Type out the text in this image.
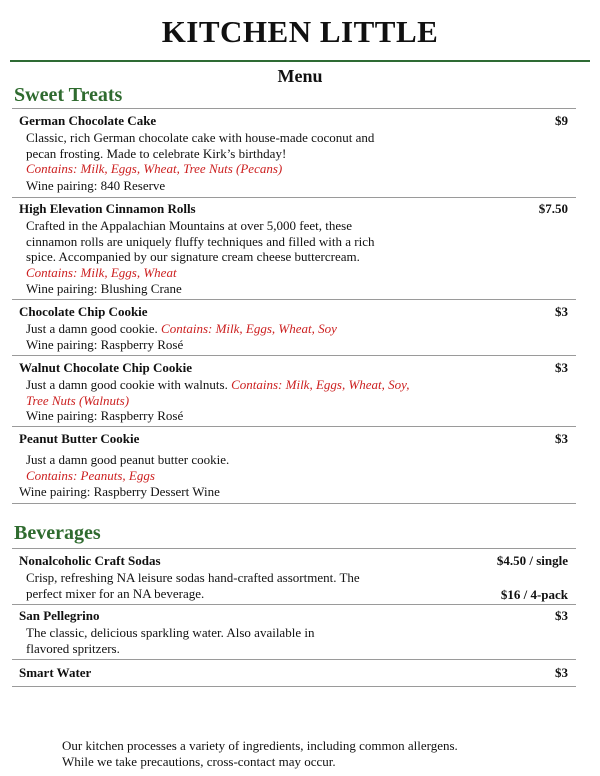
KITCHEN LITTLE
Menu
Sweet Treats
German Chocolate Cake	$9
Classic, rich German chocolate cake with house-made coconut and
pecan frosting. Made to celebrate Kirk’s birthday!
Contains: Milk, Eggs, Wheat, Tree Nuts (Pecans)
Wine pairing: 840 Reserve
High Elevation Cinnamon Rolls	$7.50
Crafted in the Appalachian Mountains at over 5,000 feet, these
cinnamon rolls are uniquely fluffy techniques and filled with a rich
spice. Accompanied by our signature cream cheese buttercream.
Contains: Milk, Eggs, Wheat
Wine pairing: Blushing Crane
Chocolate Chip Cookie	$3
Just a damn good cookie. Contains: Milk, Eggs, Wheat, Soy
Wine pairing: Raspberry Rosé
Walnut Chocolate Chip Cookie	$3
Just a damn good cookie with walnuts. Contains: Milk, Eggs, Wheat, Soy,
Tree Nuts (Walnuts)
Wine pairing: Raspberry Rosé
Peanut Butter Cookie	$3
Just a damn good peanut butter cookie.
Contains: Peanuts, Eggs
Wine pairing: Raspberry Dessert Wine
Beverages
Nonalcoholic Craft Sodas	$4.50 / single
Crisp, refreshing NA leisure sodas hand-crafted assortment. The
perfect mixer for an NA beverage.	$16 / 4-pack
San Pellegrino	$3
The classic, delicious sparkling water. Also available in
flavored spritzers.
Smart Water	$3
Our kitchen processes a variety of ingredients, including common allergens.
While we take precautions, cross-contact may occur.
